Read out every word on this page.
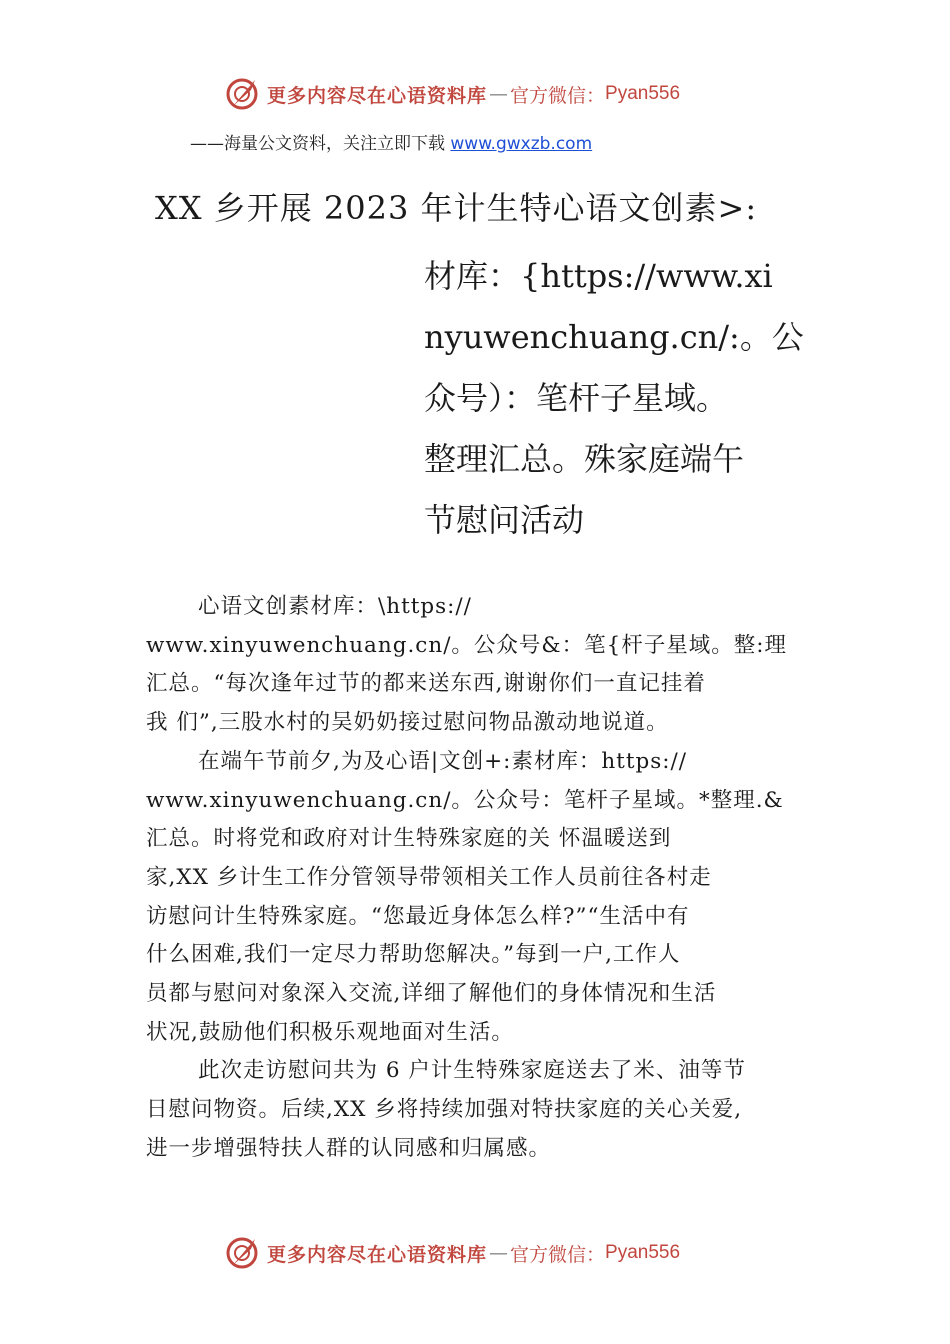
更多内容尽在心语资料库 — 官方微信： Pyan556
——海量公文资料，关注立即下载 www.gwxzb.com
XX 乡开展 2023 年计生特心语文创素>:
材库：{https://www.xi
nyuwenchuang.cn/:。公
众号）：笔杆子星域。
整理汇总。殊家庭端午
节慰问活动

心语文创素材库：\https://

www.xinyuwenchuang.cn/。公众号&：笔{杆子星域。整:理

汇总。“每次逢年过节的都来送东西,谢谢你们一直记挂着

我 们”,三股水村的吴奶奶接过慰问物品激动地说道。

在端午节前夕,为及心语|文创+:素材库：https://

www.xinyuwenchuang.cn/。公众号：笔杆子星域。*整理.&

汇总。时将党和政府对计生特殊家庭的关 怀温暖送到

家,XX 乡计生工作分管领导带领相关工作人员前往各村走

访慰问计生特殊家庭。“您最近身体怎么样?”“生活中有

什么困难,我们一定尽力帮助您解决。”每到一户,工作人

员都与慰问对象深入交流,详细了解他们的身体情况和生活

状况,鼓励他们积极乐观地面对生活。

此次走访慰问共为 6 户计生特殊家庭送去了米、油等节

日慰问物资。后续,XX 乡将持续加强对特扶家庭的关心关爱,

进一步增强特扶人群的认同感和归属感。

更多内容尽在心语资料库 — 官方微信： Pyan556
